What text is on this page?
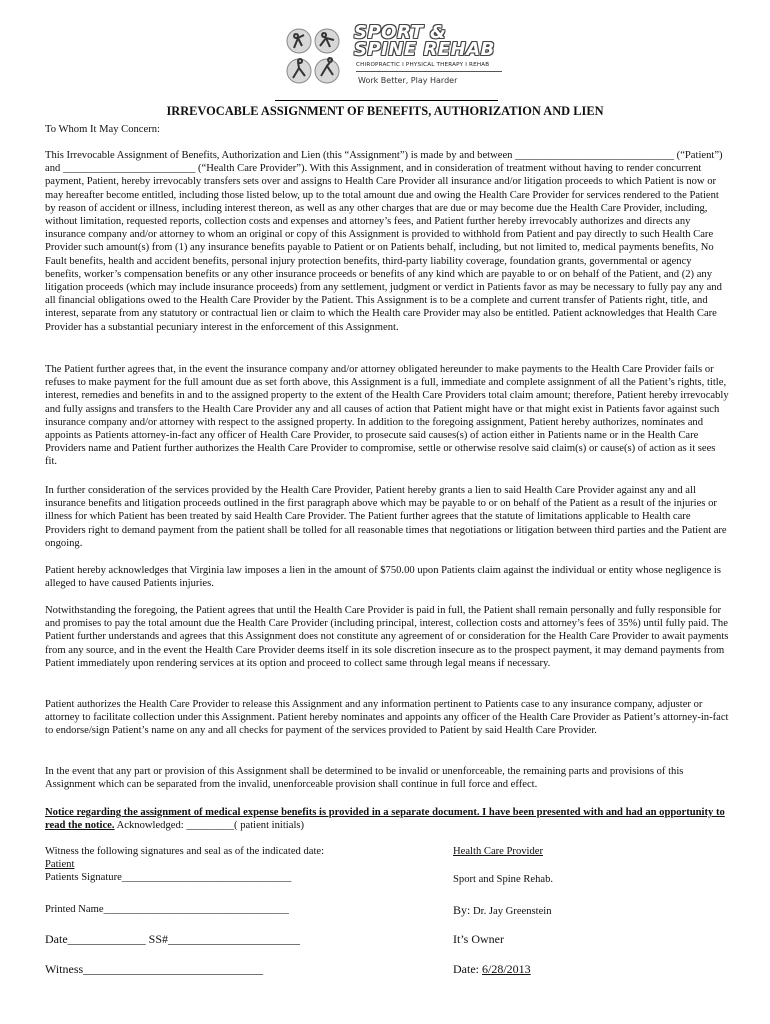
SPORT &
SPINE REHAB
CHIROPRACTIC I PHYSICAL THERAPY I REHAB
Work Better, Play Harder
IRREVOCABLE ASSIGNMENT OF BENEFITS, AUTHORIZATION AND LIEN
To Whom It May Concern:

This Irrevocable Assignment of Benefits, Authorization and Lien (this “Assignment”) is made by and between ______________________________ (“Patient”) and _________________________ (“Health Care Provider”). With this Assignment, and in consideration of treatment without having to render concurrent payment, Patient, hereby irrevocably transfers sets over and assigns to Health Care Provider all insurance and/or litigation proceeds to which Patient is now or may hereafter become entitled, including those listed below, up to the total amount due and owing the Health Care Provider for services rendered to the Patient by reason of accident or illness, including interest thereon, as well as any other charges that are due or may become due the Health Care Provider, including, without limitation, requested reports, collection costs and expenses and attorney’s fees, and Patient further hereby irrevocably authorizes and directs any insurance company and/or attorney to whom an original or copy of this Assignment is provided to withhold from Patient and pay directly to such Health Care Provider such amount(s) from (1) any insurance benefits payable to Patient or on Patients behalf, including, but not limited to, medical payments benefits, No Fault benefits, health and accident benefits, personal injury protection benefits, third-party liability coverage, foundation grants, governmental or agency benefits, worker’s compensation benefits or any other insurance proceeds or benefits of any kind which are payable to or on behalf of the Patient, and (2) any litigation proceeds (which may include insurance proceeds) from any settlement, judgment or verdict in Patients favor as may be necessary to fully pay any and all financial obligations owed to the Health Care Provider by the Patient. This Assignment is to be a complete and current transfer of Patients right, title, and interest, separate from any statutory or contractual lien or claim to which the Health care Provider may also be entitled. Patient acknowledges that Health Care Provider has a substantial pecuniary interest in the enforcement of this Assignment.

The Patient further agrees that, in the event the insurance company and/or attorney obligated hereunder to make payments to the Health Care Provider fails or refuses to make payment for the full amount due as set forth above, this Assignment is a full, immediate and complete assignment of all the Patient’s rights, title, interest, remedies and benefits in and to the assigned property to the extent of the Health Care Providers total claim amount; therefore, Patient hereby irrevocably and fully assigns and transfers to the Health Care Provider any and all causes of action that Patient might have or that might exist in Patients favor against such insurance company and/or attorney with respect to the assigned property. In addition to the foregoing assignment, Patient hereby authorizes, nominates and appoints as Patients attorney-in-fact any officer of Health Care Provider, to prosecute said causes(s) of action either in Patients name or in the Health Care Providers name and Patient further authorizes the Health Care Provider to compromise, settle or otherwise resolve said claim(s) or cause(s) of action as it sees fit.

In further consideration of the services provided by the Health Care Provider, Patient hereby grants a lien to said Health Care Provider against any and all insurance benefits and litigation proceeds outlined in the first paragraph above which may be payable to or on behalf of the Patient as a result of the injuries or illness for which Patient has been treated by said Health Care Provider. The Patient further agrees that the statute of limitations applicable to Health care Providers right to demand payment from the patient shall be tolled for all reasonable times that negotiations or litigation between third parties and the Patient are ongoing.

Patient hereby acknowledges that Virginia law imposes a lien in the amount of $750.00 upon Patients claim against the individual or entity whose negligence is alleged to have caused Patients injuries.

Notwithstanding the foregoing, the Patient agrees that until the Health Care Provider is paid in full, the Patient shall remain personally and fully responsible for and promises to pay the total amount due the Health Care Provider (including principal, interest, collection costs and attorney’s fees of 35%) until fully paid. The Patient further understands and agrees that this Assignment does not constitute any agreement of or consideration for the Health Care Provider to await payments from any source, and in the event the Health Care Provider deems itself in its sole discretion insecure as to the prospect payment, it may demand payments from Patient immediately upon rendering services at its option and proceed to collect same through legal means if necessary.

Patient authorizes the Health Care Provider to release this Assignment and any information pertinent to Patients case to any insurance company, adjuster or attorney to facilitate collection under this Assignment. Patient hereby nominates and appoints any officer of the Health Care Provider as Patient’s attorney-in-fact to endorse/sign Patient’s name on any and all checks for payment of the services provided to Patient by said Health Care Provider.

In the event that any part or provision of this Assignment shall be determined to be invalid or unenforceable, the remaining parts and provisions of this Assignment which can be separated from the invalid, unenforceable provision shall continue in full force and effect.

Notice regarding the assignment of medical expense benefits is provided in a separate document. I have been presented with and had an opportunity to read the notice. Acknowledged: _________( patient initials)

Witness the following signatures and seal as of the indicated date:
Patient
Patients Signature________________________________
Printed Name___________________________________
Date_____________ SS#______________________
Witness______________________________
Health Care Provider
Sport and Spine Rehab.
By: Dr. Jay Greenstein
It’s Owner
Date: 6/28/2013
